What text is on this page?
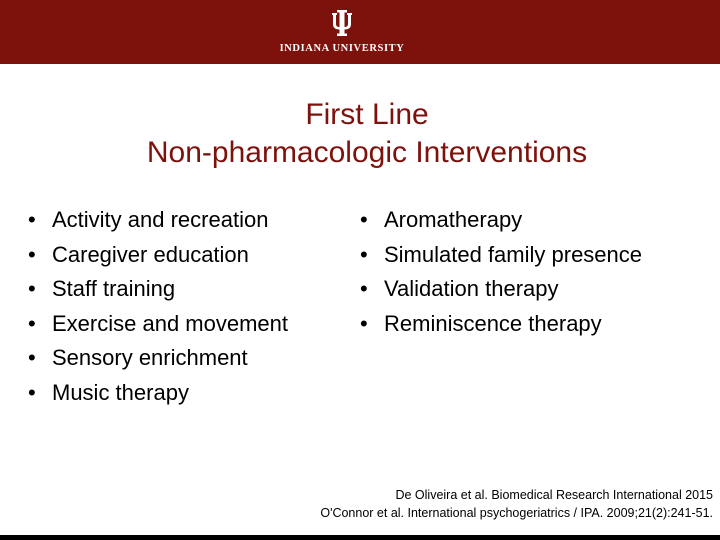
INDIANA UNIVERSITY
First Line
Non-pharmacologic Interventions
• Activity and recreation
• Caregiver education
• Staff training
• Exercise and movement
• Sensory enrichment
• Music therapy
• Aromatherapy
• Simulated family presence
• Validation therapy
• Reminiscence therapy
De Oliveira et al. Biomedical Research International 2015
O'Connor et al. International psychogeriatrics / IPA. 2009;21(2):241-51.
